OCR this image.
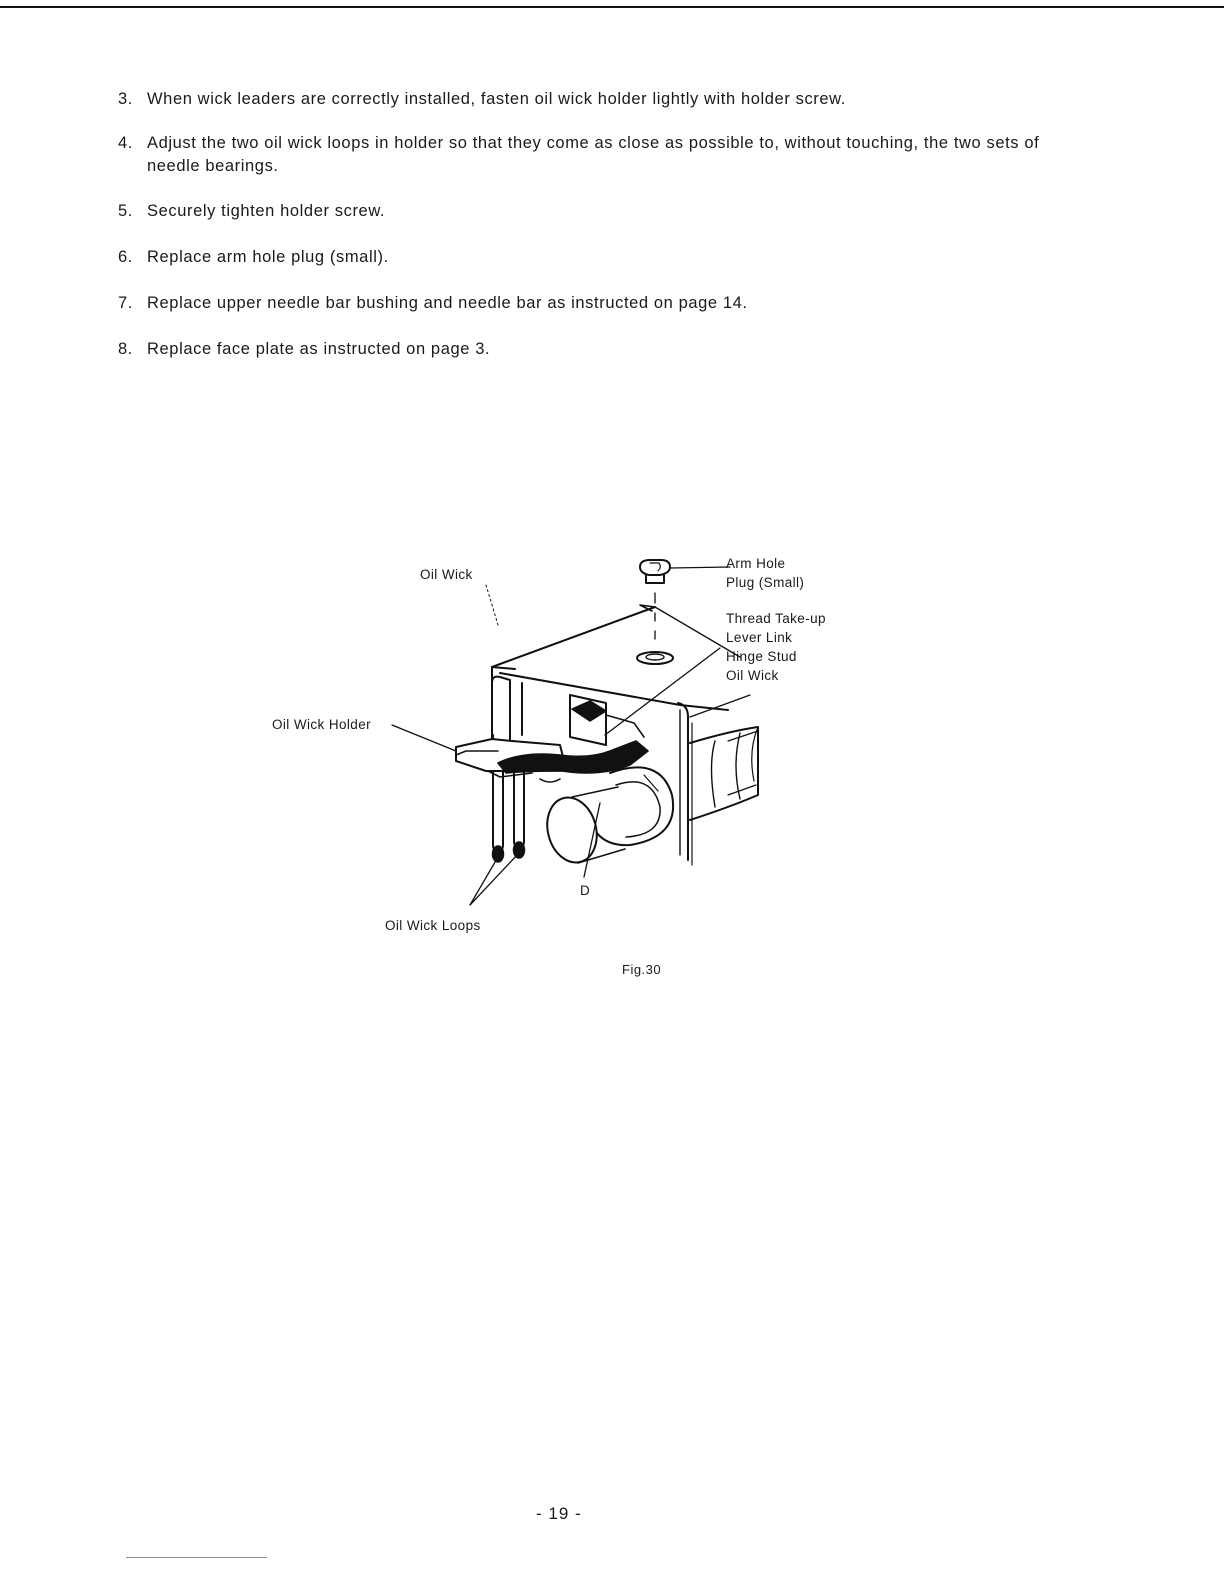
3. When wick leaders are correctly installed, fasten oil wick holder lightly with holder screw.
4. Adjust the two oil wick loops in holder so that they come as close as possible to, without touching, the two sets of needle bearings.
5. Securely tighten holder screw.
6. Replace arm hole plug (small).
7. Replace upper needle bar bushing and needle bar as instructed on page 14.
8. Replace face plate as instructed on page 3.
Oil Wick
Arm Hole
Plug (Small)
Thread Take-up
Lever Link
Hinge Stud
Oil Wick
Oil Wick Holder
D
Oil Wick Loops
Fig.30
- 19 -
